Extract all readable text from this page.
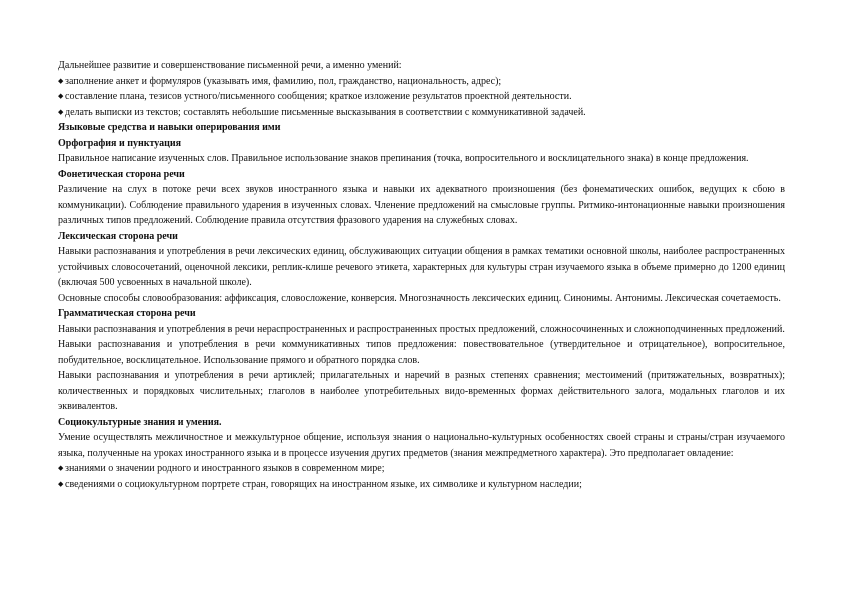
Дальнейшее развитие и совершенствование письменной речи, а именно умений:
◆ заполнение анкет и формуляров (указывать имя, фамилию, пол, гражданство, национальность, адрес);
◆ составление плана, тезисов устного/письменного сообщения; краткое изложение результатов проектной деятельности.
◆ делать выписки из текстов; составлять небольшие письменные высказывания в соответствии с коммуникативной задачей.
Языковые средства и навыки оперирования ими
Орфография и пунктуация
Правильное написание изученных слов. Правильное использование знаков препинания (точка, вопросительного и восклицательного знака) в конце предложения.
Фонетическая сторона речи
Различение на слух в потоке речи всех звуков иностранного языка и навыки их адекватного произношения (без фонематических ошибок, ведущих к сбою в коммуникации). Соблюдение правильного ударения в изученных словах. Членение предложений на смысловые группы. Ритмико-интонационные навыки произношения различных типов предложений. Соблюдение правила отсутствия фразового ударения на служебных словах.
Лексическая сторона речи
Навыки распознавания и употребления в речи лексических единиц, обслуживающих ситуации общения в рамках тематики основной школы, наиболее распространенных устойчивых словосочетаний, оценочной лексики, реплик-клише речевого этикета, характерных для культуры стран изучаемого языка в объеме примерно до 1200 единиц (включая 500 усвоенных в начальной школе).
Основные способы словообразования: аффиксация, словосложение, конверсия. Многозначность лексических единиц. Синонимы. Антонимы. Лексическая сочетаемость.
Грамматическая сторона речи
Навыки распознавания и употребления в речи нераспространенных и распространенных простых предложений, сложносочиненных и сложноподчиненных предложений.
Навыки распознавания и употребления в речи коммуникативных типов предложения: повествовательное (утвердительное и отрицательное), вопросительное, побудительное, восклицательное. Использование прямого и обратного порядка слов.
Навыки распознавания и употребления в речи артиклей; прилагательных и наречий в разных степенях сравнения; местоимений (притяжательных, возвратных); количественных и порядковых числительных; глаголов в наиболее употребительных видо-временных формах действительного залога, модальных глаголов и их эквивалентов.
Социокультурные знания и умения.
Умение осуществлять межличностное и межкультурное общение, используя знания о национально-культурных особенностях своей страны и страны/стран изучаемого языка, полученные на уроках иностранного языка и в процессе изучения других предметов (знания межпредметного характера). Это предполагает овладение:
◆ знаниями о значении родного и иностранного языков в современном мире;
◆ сведениями о социокультурном портрете стран, говорящих на иностранном языке, их символике и культурном наследии;
